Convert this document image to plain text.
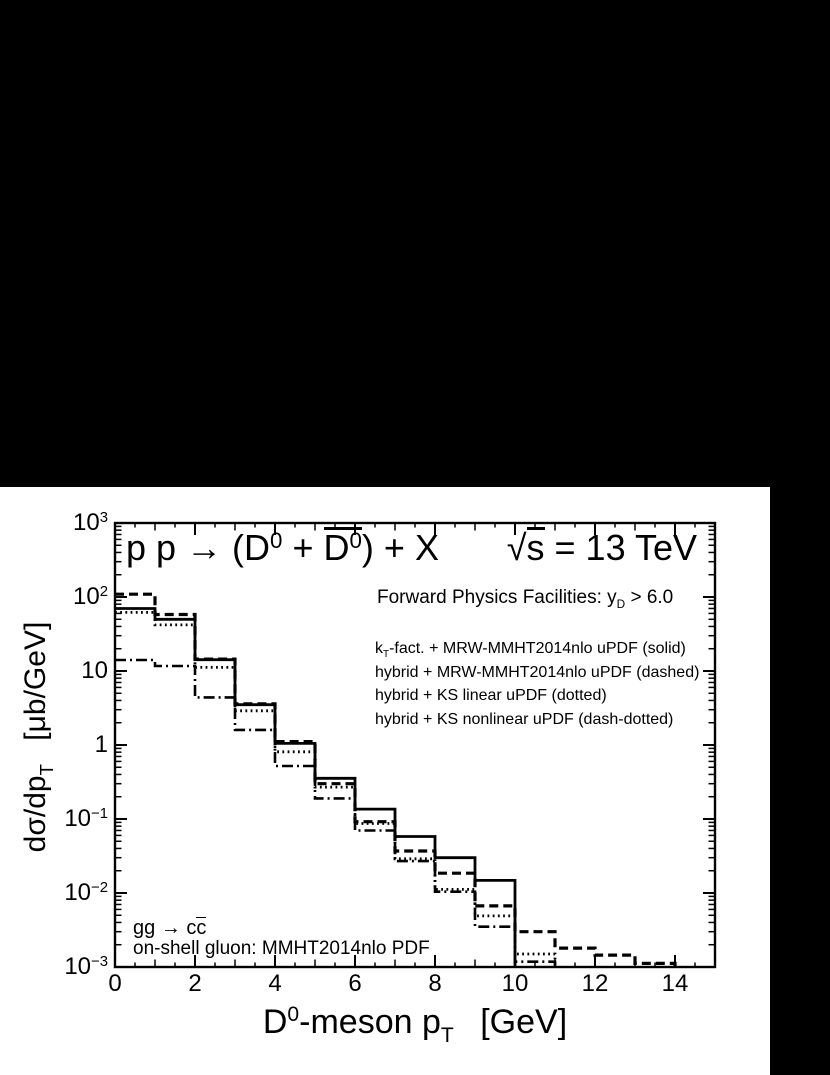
p $p \to (D^0 + D^0) + X$	√s = 13 TeV
Forward Physics Facilities: $y_D > 6.0$
$k_T$-fact. + MRW-MMHT2014nlo uPDF (solid)
hybrid + MRW-MMHT2014nlo uPDF (dashed)
hybrid + KS linear uPDF (dotted)
hybrid + KS nonlinear uPDF (dash-dotted)
gg → cc
on-shell gluon: MMHT2014nlo PDF
$D^0$-meson $p_T$  [GeV]
$d\sigma/dp_T$  [μb/GeV]
$10^3$
$10^2$
10
1
$10^{-1}$
$10^{-2}$
$10^{-3}$
0	2	4	6	8	10	12	14
